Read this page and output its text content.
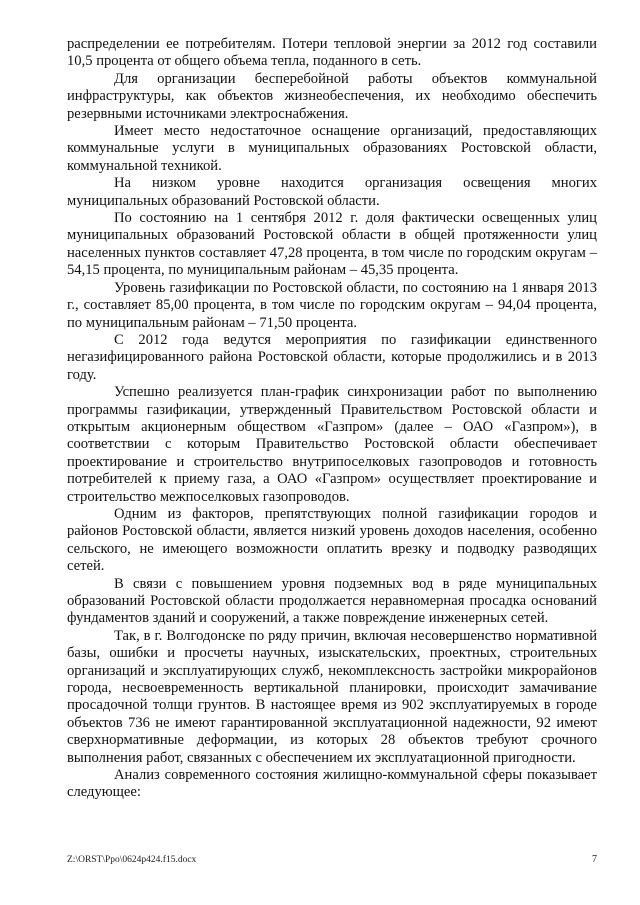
распределении ее потребителям. Потери тепловой энергии за 2012 год составили 10,5 процента от общего объема тепла, поданного в сеть.

Для организации бесперебойной работы объектов коммунальной инфраструктуры, как объектов жизнеобеспечения, их необходимо обеспечить резервными источниками электроснабжения.

Имеет место недостаточное оснащение организаций, предоставляющих коммунальные услуги в муниципальных образованиях Ростовской области, коммунальной техникой.

На низком уровне находится организация освещения многих муниципальных образований Ростовской области.

По состоянию на 1 сентября 2012 г. доля фактически освещенных улиц муниципальных образований Ростовской области в общей протяженности улиц населенных пунктов составляет 47,28 процента, в том числе по городским округам – 54,15 процента, по муниципальным районам – 45,35 процента.

Уровень газификации по Ростовской области, по состоянию на 1 января 2013 г., составляет 85,00 процента, в том числе по городским округам – 94,04 процента, по муниципальным районам – 71,50 процента.

С 2012 года ведутся мероприятия по газификации единственного негазифицированного района Ростовской области, которые продолжились и в 2013 году.

Успешно реализуется план-график синхронизации работ по выполнению программы газификации, утвержденный Правительством Ростовской области и открытым акционерным обществом «Газпром» (далее – ОАО «Газпром»), в соответствии с которым Правительство Ростовской области обеспечивает проектирование и строительство внутрипоселковых газопроводов и готовность потребителей к приему газа, а ОАО «Газпром» осуществляет проектирование и строительство межпоселковых газопроводов.

Одним из факторов, препятствующих полной газификации городов и районов Ростовской области, является низкий уровень доходов населения, особенно сельского, не имеющего возможности оплатить врезку и подводку разводящих сетей.

В связи с повышением уровня подземных вод в ряде муниципальных образований Ростовской области продолжается неравномерная просадка оснований фундаментов зданий и сооружений, а также повреждение инженерных сетей.

Так, в г. Волгодонске по ряду причин, включая несовершенство нормативной базы, ошибки и просчеты научных, изыскательских, проектных, строительных организаций и эксплуатирующих служб, некомплексность застройки микрорайонов города, несвоевременность вертикальной планировки, происходит замачивание просадочной толщи грунтов. В настоящее время из 902 эксплуатируемых в городе объектов 736 не имеют гарантированной эксплуатационной надежности, 92 имеют сверхнормативные деформации, из которых 28 объектов требуют срочного выполнения работ, связанных с обеспечением их эксплуатационной пригодности.

Анализ современного состояния жилищно-коммунальной сферы показывает следующее:

Z:\ORST\Ppo\0624p424.f15.docx	7
